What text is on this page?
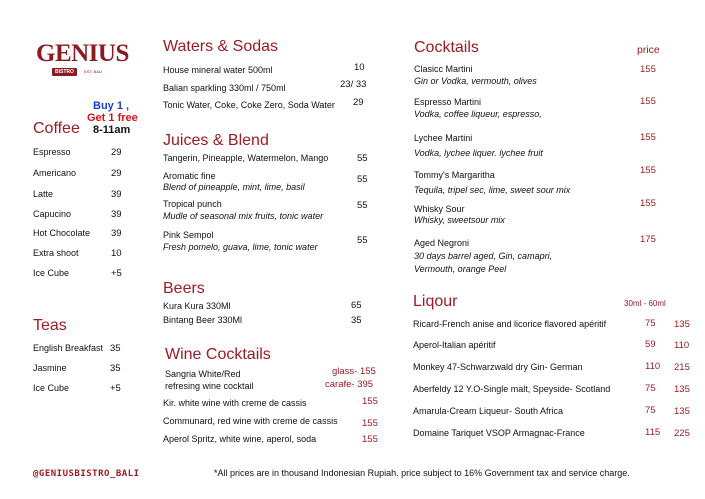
GENIUS
BISTRO	EST. BALI
Buy 1 ,
Get 1 free
8-11am
Coffee
Espresso	29
Americano	29
Latte	39
Capucino	39
Hot Chocolate 39
Extra shoot	10
Ice Cube	+5
Teas
English Breakfast 35
Jasmine	35
Ice Cube	+5
Waters & Sodas
House mineral water 500ml	10
Balian sparkling 330ml / 750ml	23/ 33
Tonic Water, Coke, Coke Zero, Soda Water 29
Juices & Blend
Tangerin, Pineapple, Watermelon, Mango	55
Aromatic fine
Blend of pineapple, mint, lime, basil
55
Tropical punch
Mudle of seasonal mix fruits, tonic water
55
Pink Sempol
Fresh pomelo, guava, lime, tonic water
55
Beers
Kura Kura 330Ml	65
Bintang Beer 330Ml	35
Wine Cocktails
Sangria White/Red
refresing wine cocktail
glass- 155
carafe- 395
Kir. white wine with creme de cassis	155
Communard, red wine with creme de cassis	155
Aperol Spritz, white wine, aperol, soda	155
Cocktails	price
Clasicc Martini
Gin or Vodka, vermouth, olives
155
Espresso Martini
Vodka, coffee liqueur, espresso,
155
Lychee Martini
Vodka, lychee liquer. lychee fruit
155
Tommy's Margaritha
Tequila, tripel sec, lime, sweet sour mix
155
Whisky Sour
Whisky, sweetsour mix
155
Aged Negroni
30 days barrel aged, Gin, camapri,
Vermouth, orange Peel
175
Liqour	30ml - 60ml
Ricard-French anise and licorice flavored apéritif	75 135
Aperol-Italian apéritif	59 110
Monkey 47-Schwarzwald dry Gin- German	110 215
Aberfeldy 12 Y.O-Single malt, Speyside- Scotland	75 135
Amarula-Cream Liqueur- South Africa	75 135
Domaine Tariquet VSOP Armagnac-France	115 225
@GENIUSBISTRO_BALI	*All prices are in thousand Indonesian Rupiah. price subject to 16% Government tax and service charge.
